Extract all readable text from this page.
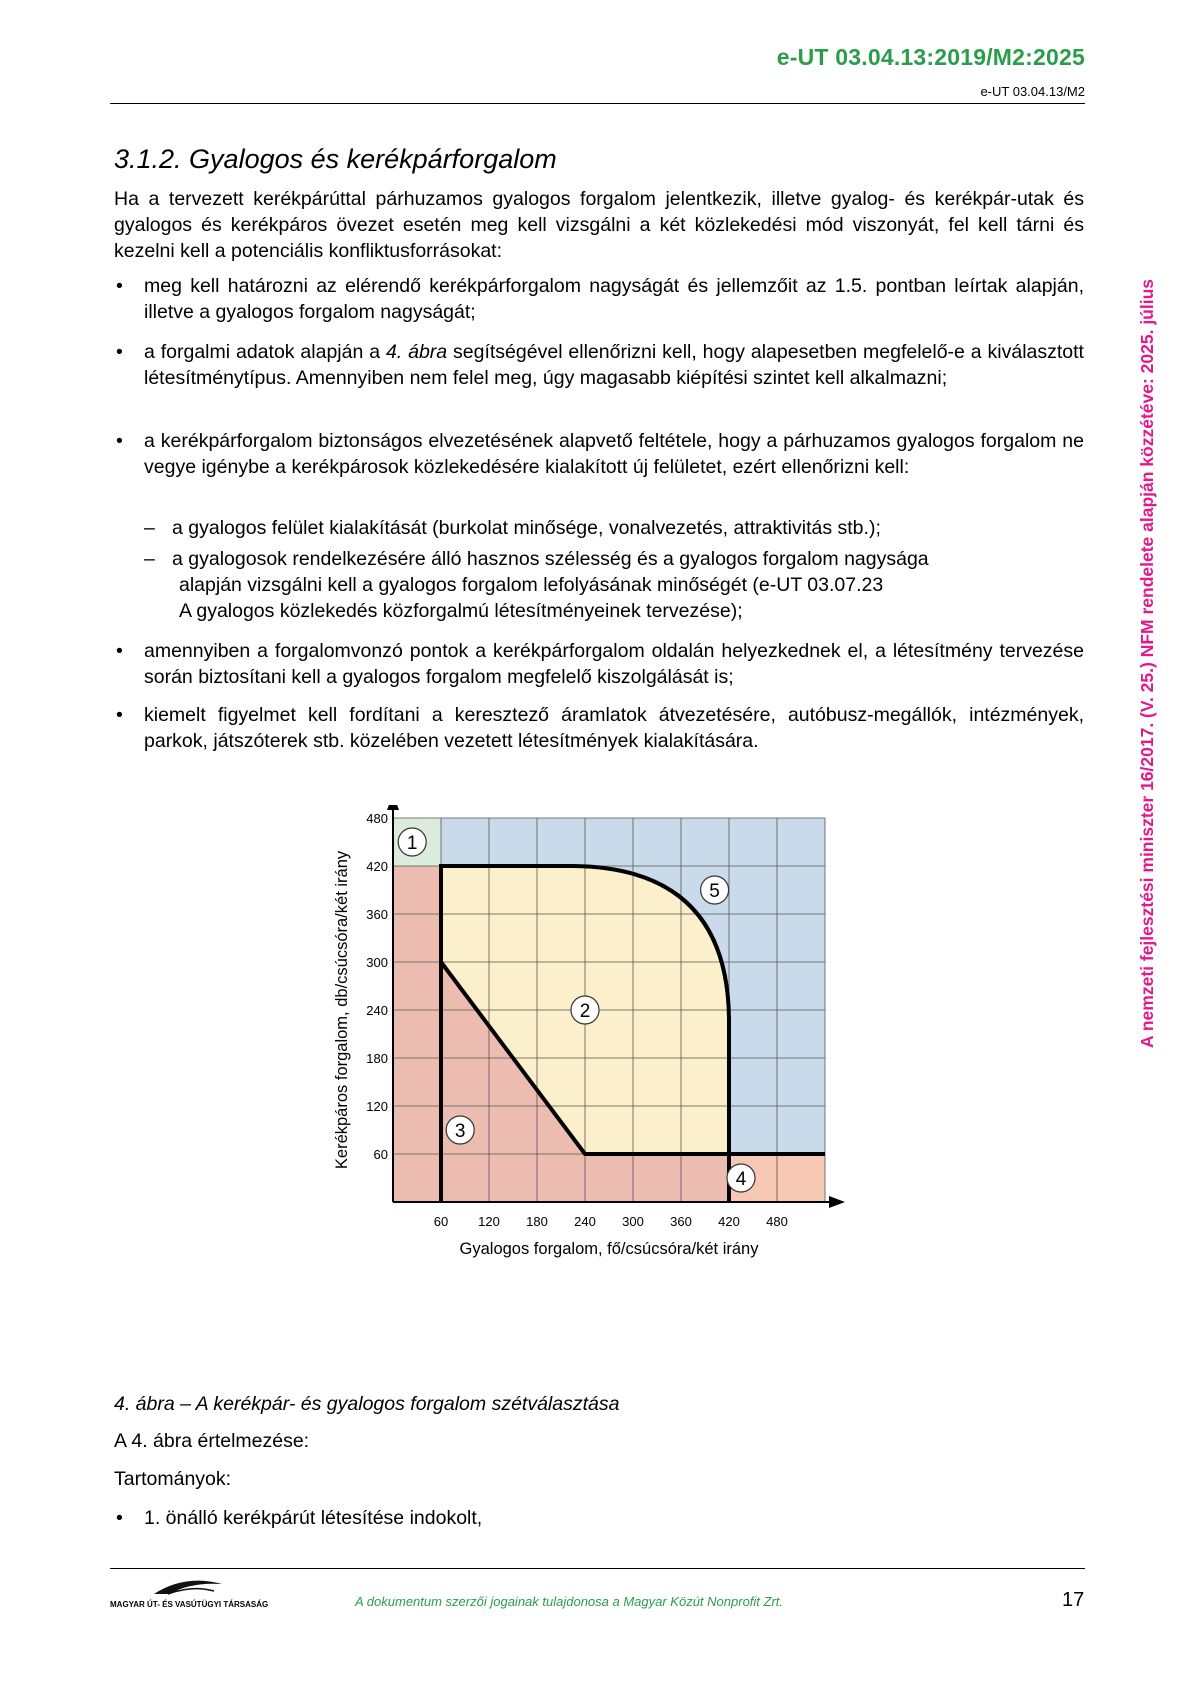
e-UT 03.04.13:2019/M2:2025
e-UT 03.04.13/M2
A nemzeti fejlesztési miniszter 16/2017. (V. 25.) NFM rendelete alapján közzétéve: 2025. július
3.1.2. Gyalogos és kerékpárforgalom
Ha a tervezett kerékpárúttal párhuzamos gyalogos forgalom jelentkezik, illetve gyalog- és kerékpár-utak és gyalogos és kerékpáros övezet esetén meg kell vizsgálni a két közlekedési mód viszonyát, fel kell tárni és kezelni kell a potenciális konfliktusforrásokat:
• meg kell határozni az elérendő kerékpárforgalom nagyságát és jellemzőit az 1.5. pontban leírtak alapján, illetve a gyalogos forgalom nagyságát;
• a forgalmi adatok alapján a 4. ábra segítségével ellenőrizni kell, hogy alapesetben megfelelő-e a kiválasztott létesítménytípus. Amennyiben nem felel meg, úgy magasabb kiépítési szintet kell alkalmazni;
• a kerékpárforgalom biztonságos elvezetésének alapvető feltétele, hogy a párhuzamos gyalogos forgalom ne vegye igénybe a kerékpárosok közlekedésére kialakított új felületet, ezért ellenőrizni kell:
– a gyalogos felület kialakítását (burkolat minősége, vonalvezetés, attraktivitás stb.);
– a gyalogosok rendelkezésére álló hasznos szélesség és a gyalogos forgalom nagysága
alapján vizsgálni kell a gyalogos forgalom lefolyásának minőségét (e-UT 03.07.23
A gyalogos közlekedés közforgalmú létesítményeinek tervezése);
• amennyiben a forgalomvonzó pontok a kerékpárforgalom oldalán helyezkednek el, a létesítmény tervezése során biztosítani kell a gyalogos forgalom megfelelő kiszolgálását is;
• kiemelt figyelmet kell fordítani a keresztező áramlatok átvezetésére, autóbusz-megállók, intézmények, parkok, játszóterek stb. közelében vezetett létesítmények kialakítására.
60
120
180
240
300
360
420
480
60 120 180 240 300 360 420 480
Gyalogos forgalom, fő/csúcsóra/két irány
Kerékpáros forgalom, db/csúcsóra/két irány
1
2
3
4
5
4. ábra – A kerékpár- és gyalogos forgalom szétválasztása
A 4. ábra értelmezése:
Tartományok:
• 1. önálló kerékpárút létesítése indokolt,
MAGYAR ÚT- ÉS VASÚTÜGYI TÁRSASÁG	A dokumentum szerzői jogainak tulajdonosa a Magyar Közút Nonprofit Zrt.	17
